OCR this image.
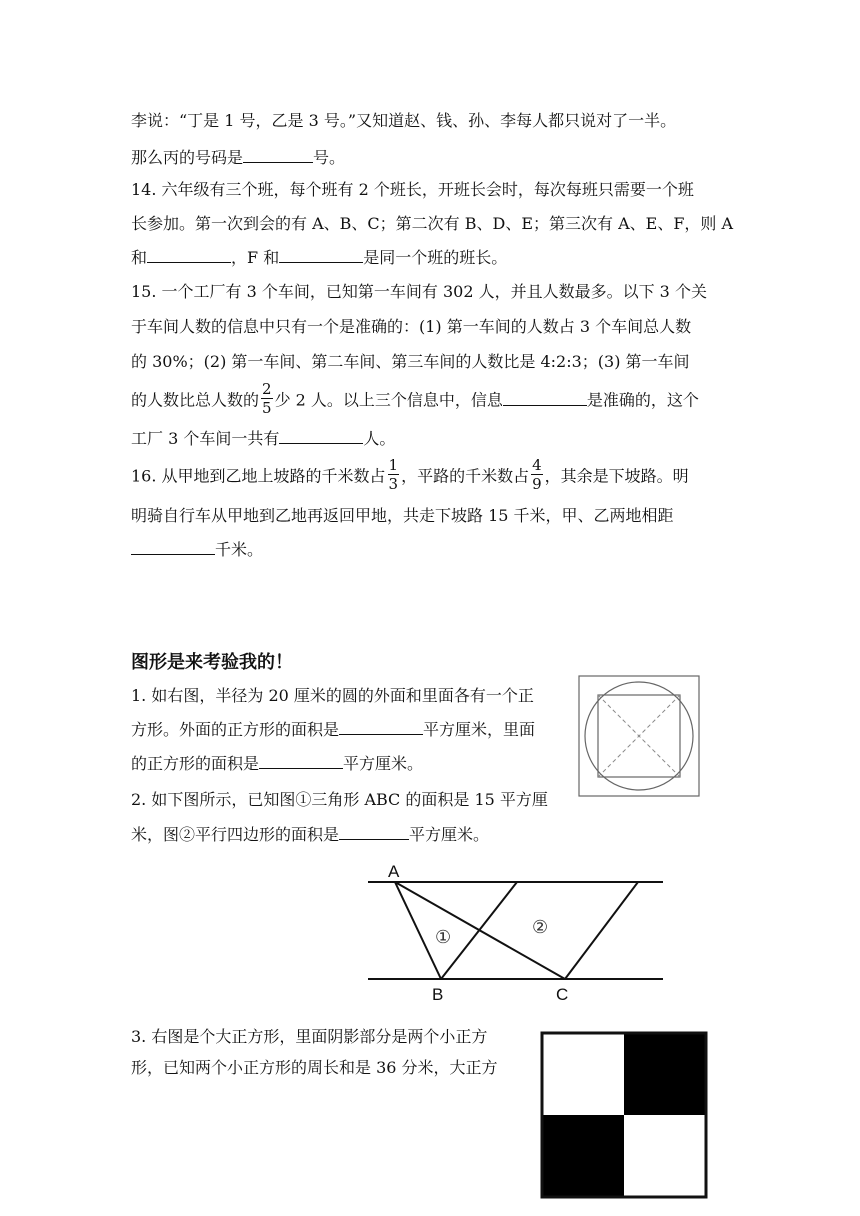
李说：“丁是 1 号，乙是 3 号。”又知道赵、钱、孙、李每人都只说对了一半。
那么丙的号码是	号。
14. 六年级有三个班，每个班有 2 个班长，开班长会时，每次每班只需要一个班
长参加。第一次到会的有 A、B、C；第二次有 B、D、E；第三次有 A、E、F，则 A
和	，F 和	是同一个班的班长。
15. 一个工厂有 3 个车间，已知第一车间有 302 人，并且人数最多。以下 3 个关
于车间人数的信息中只有一个是准确的：(1) 第一车间的人数占 3 个车间总人数
的 30%；(2) 第一车间、第二车间、第三车间的人数比是 4:2:3；(3) 第一车间
的人数比总人数的 $\frac{2}{5}$ 少 2 人。以上三个信息中，信息	是准确的，这个
工厂 3 个车间一共有	人。
16. 从甲地到乙地上坡路的千米数占 $\frac{1}{3}$ ，平路的千米数占 $\frac{4}{9}$ ，其余是下坡路。明
明骑自行车从甲地到乙地再返回甲地，共走下坡路 15 千米，甲、乙两地相距
千米。
图形是来考验我的！
1. 如右图，半径为 20 厘米的圆的外面和里面各有一个正
方形。外面的正方形的面积是	平方厘米，里面
的正方形的面积是	平方厘米。
2. 如下图所示，已知图①三角形 ABC 的面积是 15 平方厘
米，图②平行四边形的面积是	平方厘米。
A
B	C
①	②
3. 右图是个大正方形，里面阴影部分是两个小正方
形，已知两个小正方形的周长和是 36 分米，大正方
